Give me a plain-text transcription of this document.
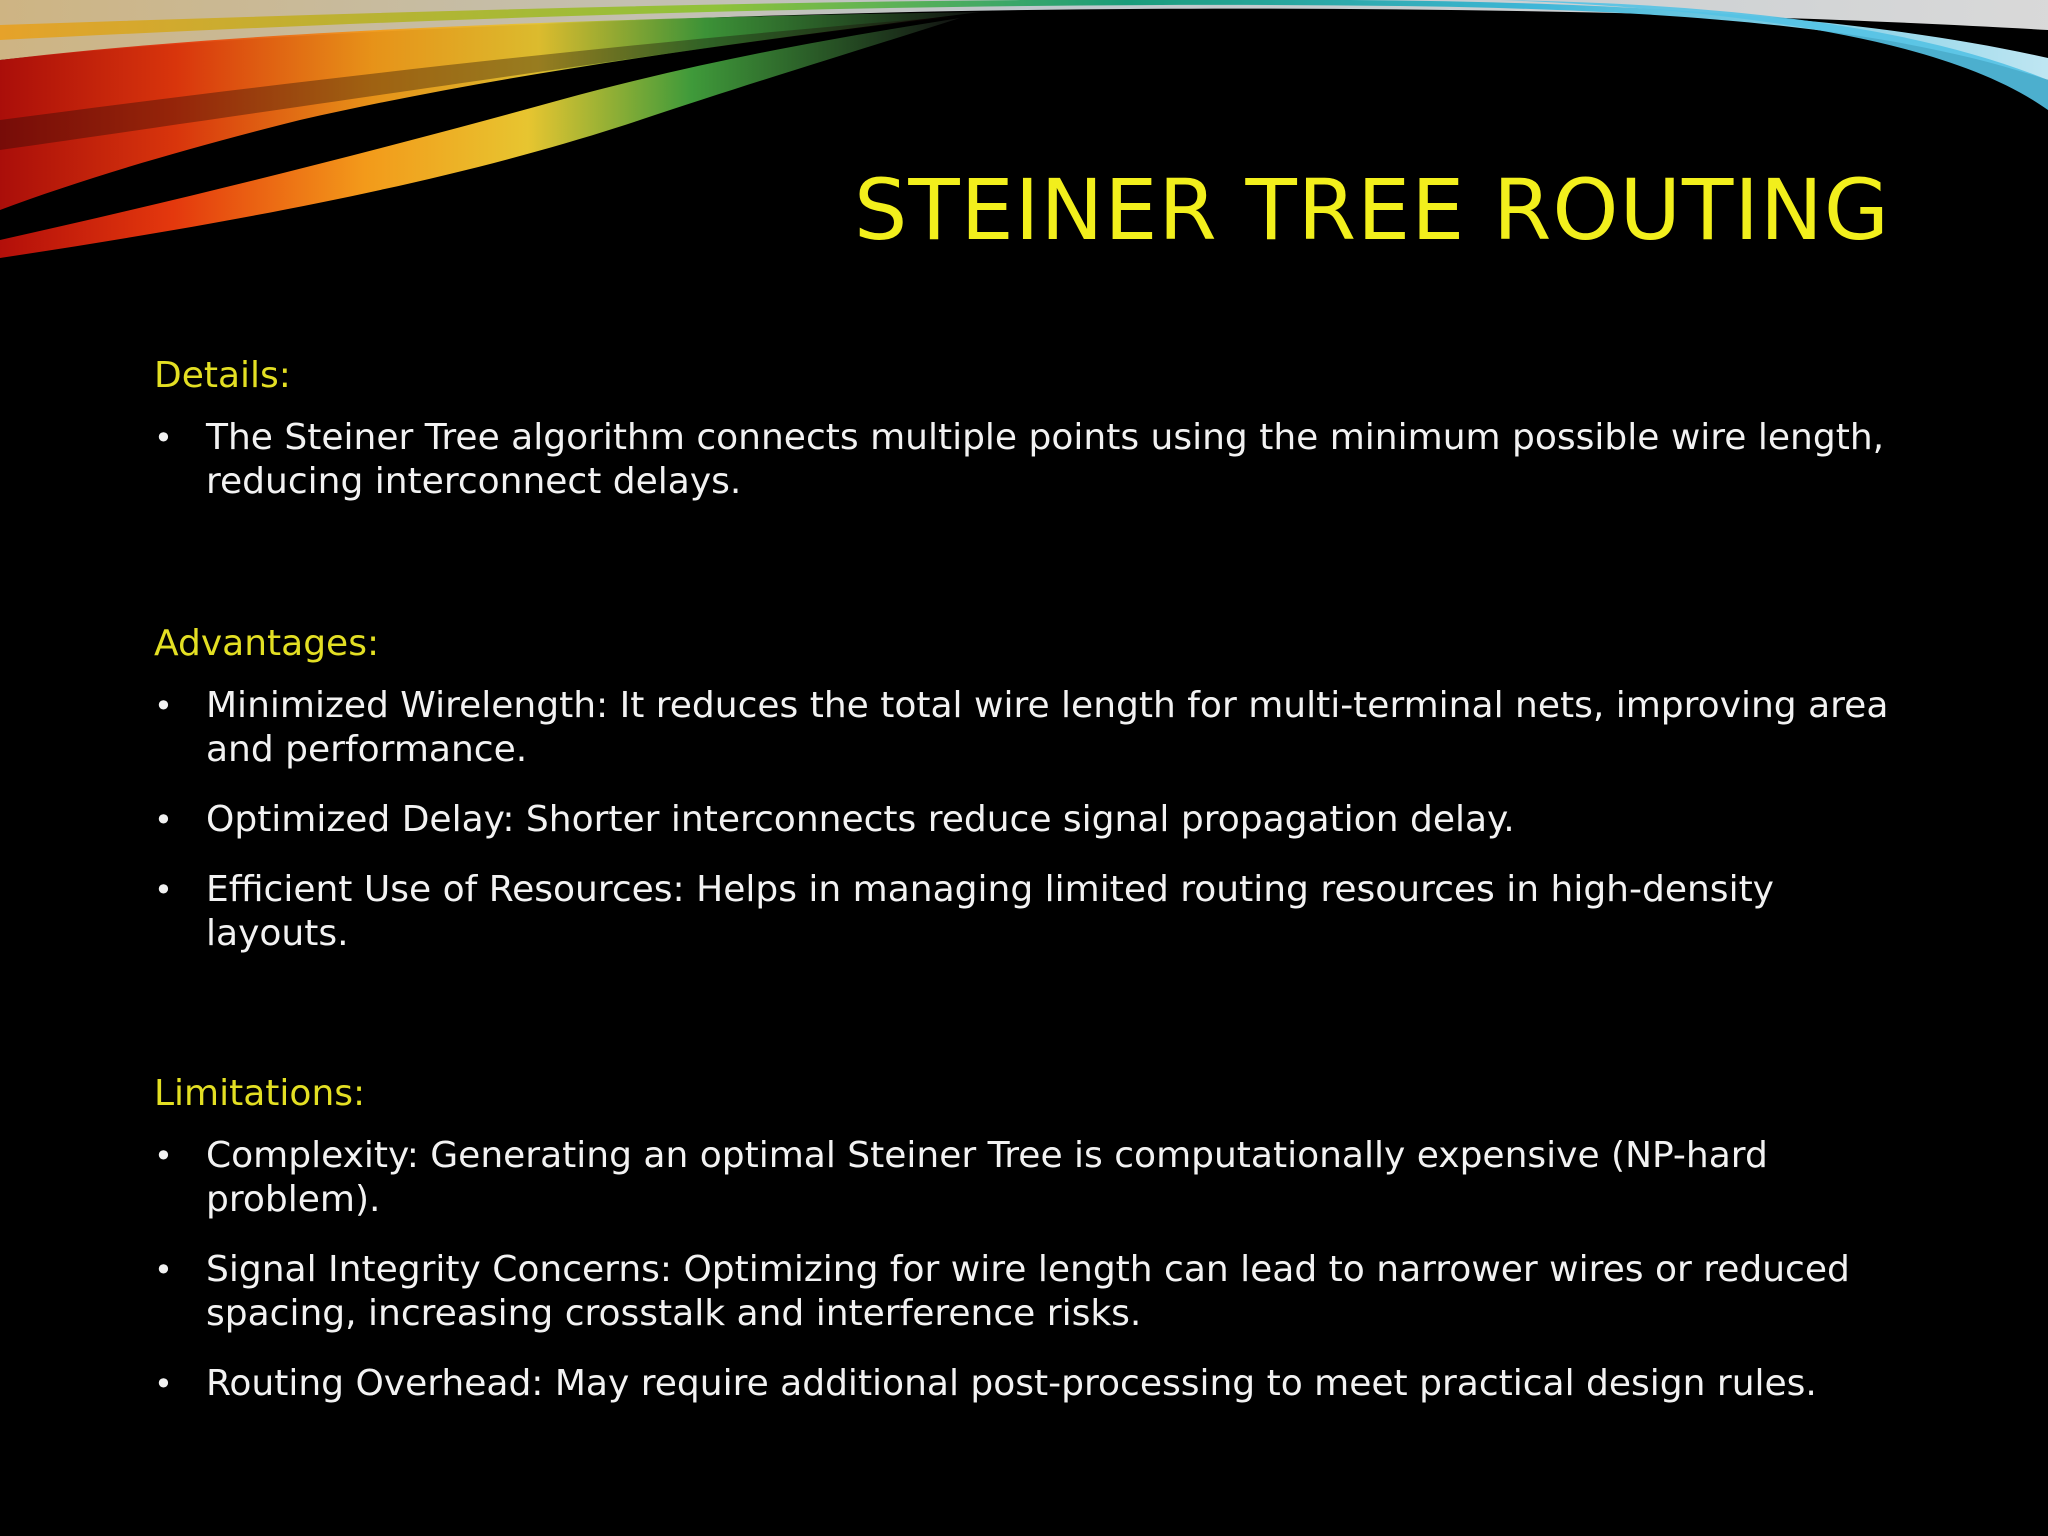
STEINER TREE ROUTING

Details:

• The Steiner Tree algorithm connects multiple points using the minimum possible wire length, reducing interconnect delays.

Advantages:

• Minimized Wirelength: It reduces the total wire length for multi-terminal nets, improving area and performance.
• Optimized Delay: Shorter interconnects reduce signal propagation delay.
• Efficient Use of Resources: Helps in managing limited routing resources in high-density layouts.

Limitations:

• Complexity: Generating an optimal Steiner Tree is computationally expensive (NP-hard problem).
• Signal Integrity Concerns: Optimizing for wire length can lead to narrower wires or reduced spacing, increasing crosstalk and interference risks.
• Routing Overhead: May require additional post-processing to meet practical design rules.
